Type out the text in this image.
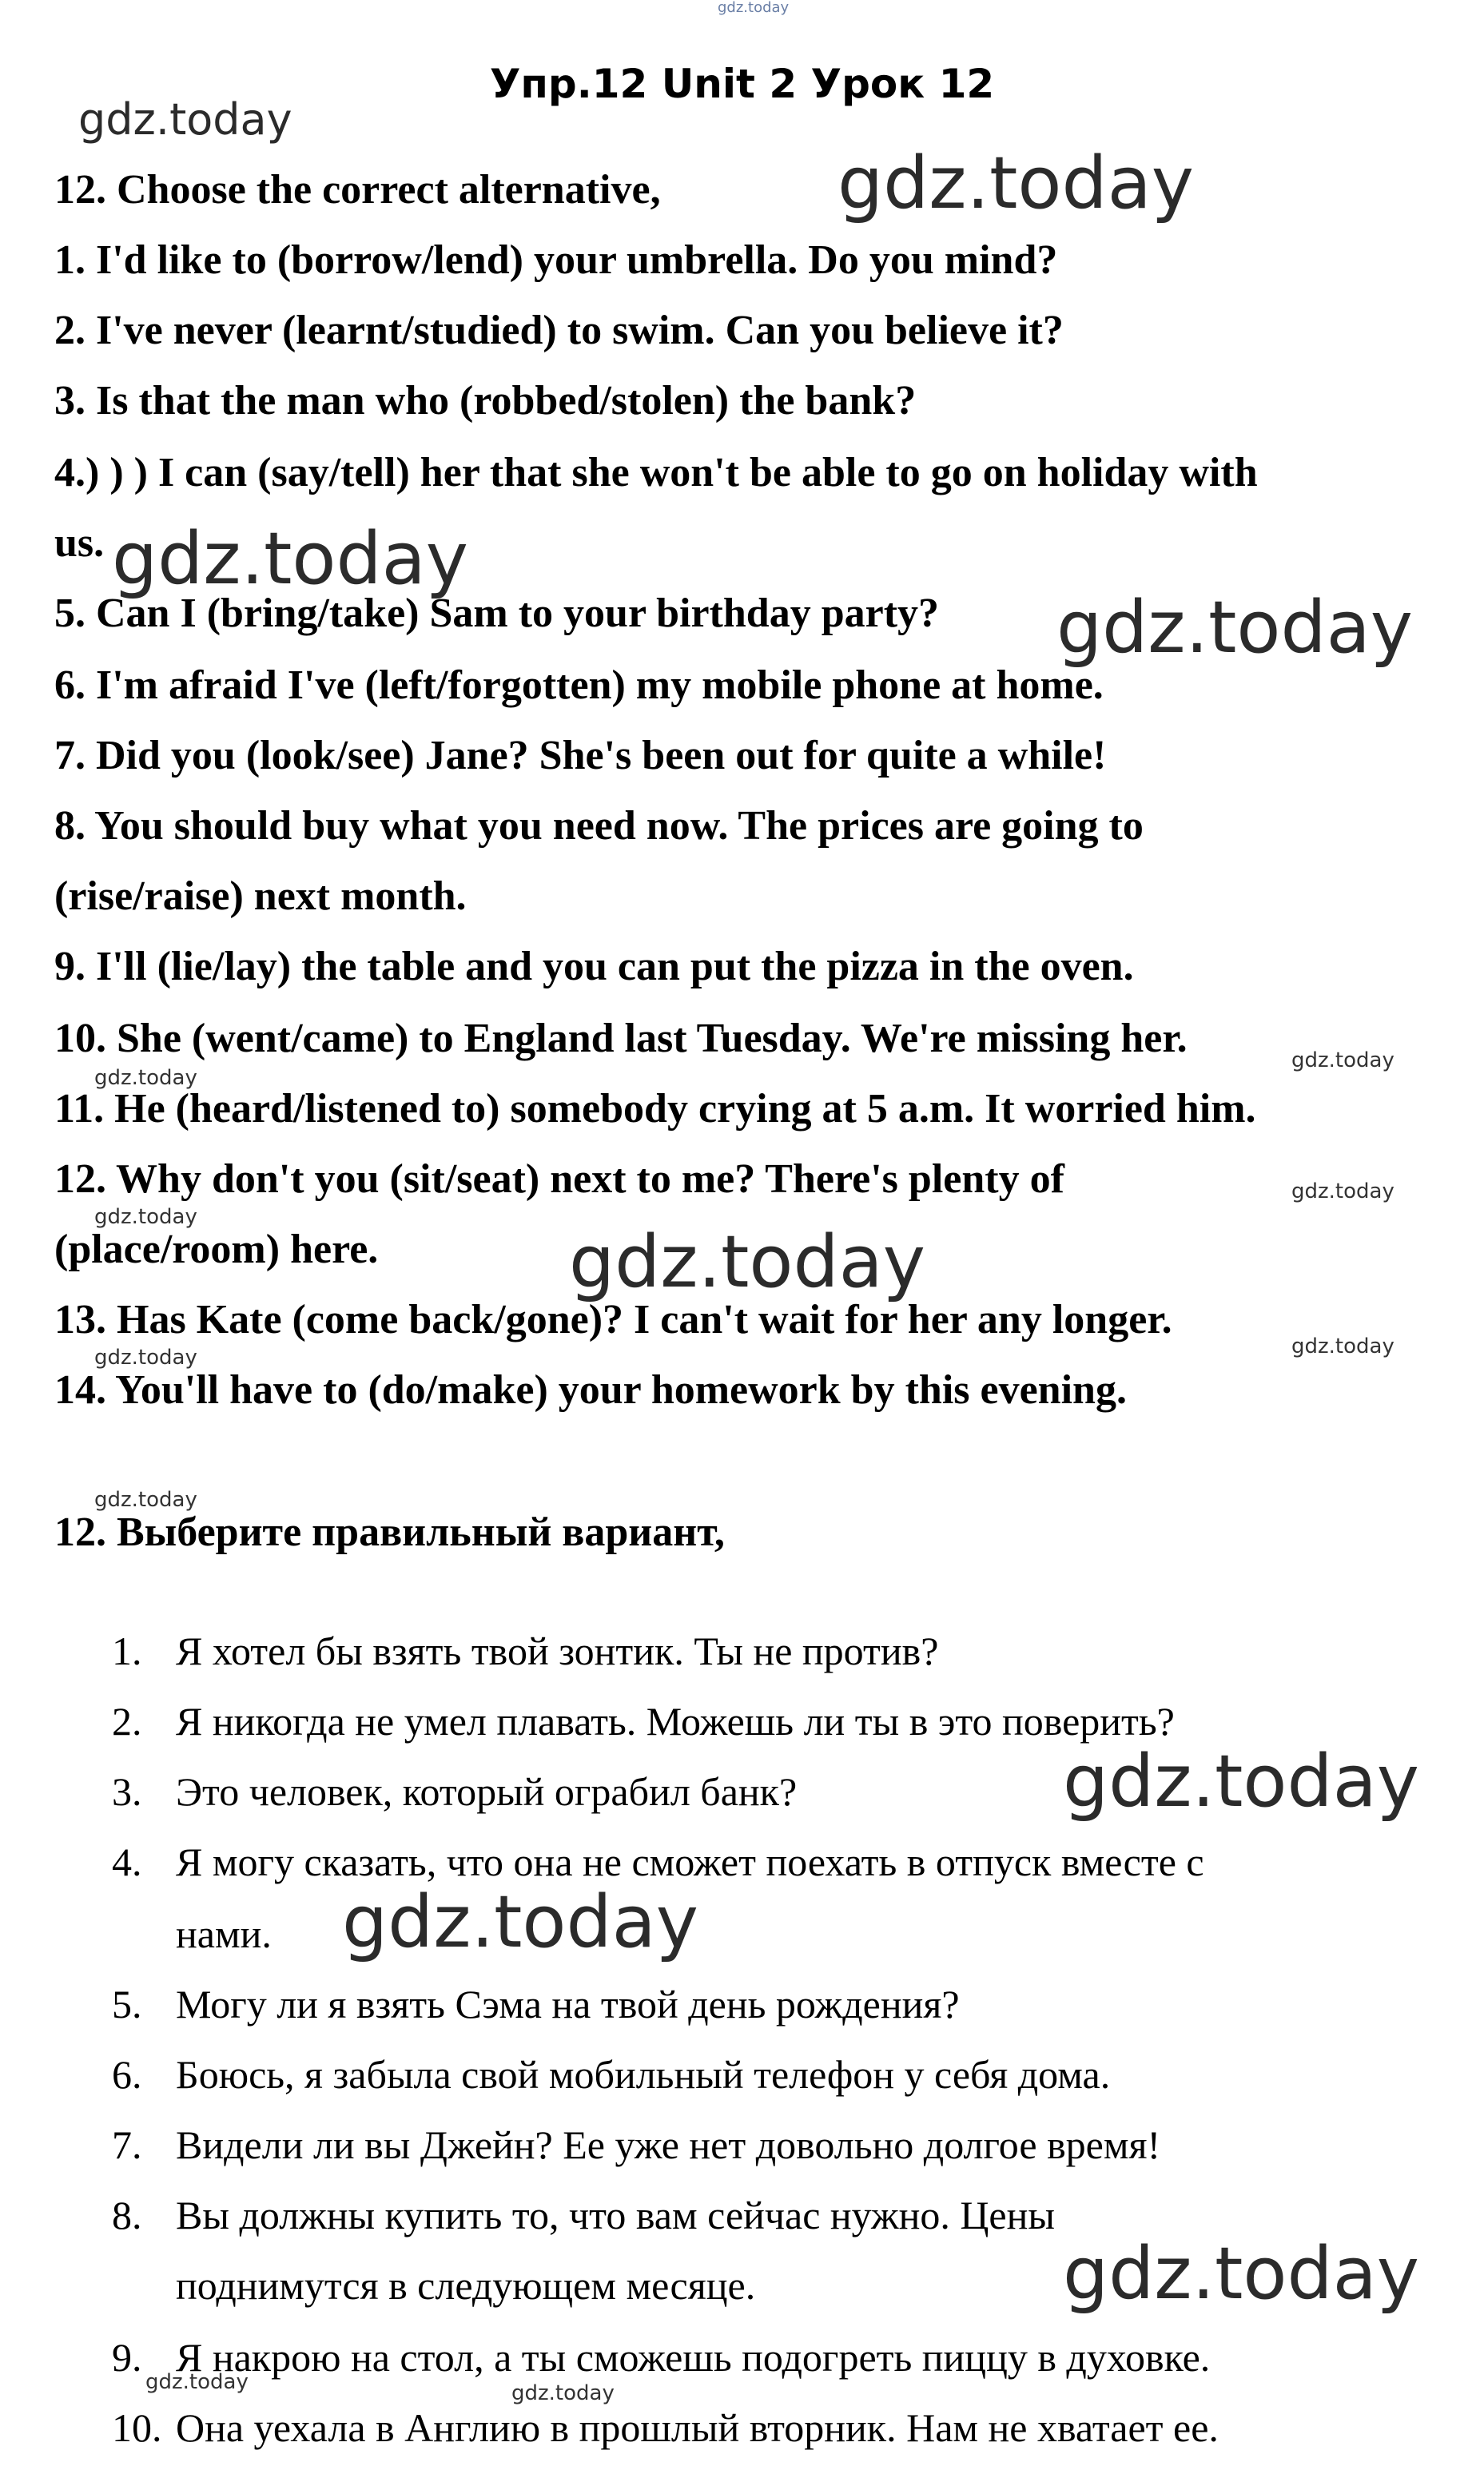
gdz.today
Упр.12 Unit 2 Урок 12
gdz.today
12. Choose the correct alternative,	gdz.today
1. I'd like to (borrow/lend) your umbrella. Do you mind?
2. I've never (learnt/studied) to swim. Can you believe it?
3. Is that the man who (robbed/stolen) the bank?
4.) ) ) I can (say/tell) her that she won't be able to go on holiday with
us. gdz.today
5. Can I (bring/take) Sam to your birthday party?	gdz.today
6. I'm afraid I've (left/forgotten) my mobile phone at home.
7. Did you (look/see) Jane? She's been out for quite a while!
8. You should buy what you need now. The prices are going to
(rise/raise) next month.
9. I'll (lie/lay) the table and you can put the pizza in the oven.
10. She (went/came) to England last Tuesday. We're missing her.	gdz.today
gdz.today
11. He (heard/listened to) somebody crying at 5 a.m. It worried him.
12. Why don't you (sit/seat) next to me? There's plenty of	gdz.today
gdz.today
(place/room) here.	gdz.today
13. Has Kate (come back/gone)? I can't wait for her any longer.
gdz.today
gdz.today
14. You'll have to (do/make) your homework by this evening.
gdz.today
12. Выберите правильный вариант,
1. Я хотел бы взять твой зонтик. Ты не против?
2. Я никогда не умел плавать. Можешь ли ты в это поверить?
3. Это человек, который ограбил банк?	gdz.today
4. Я могу сказать, что она не сможет поехать в отпуск вместе с
нами. gdz.today
5. Могу ли я взять Сэма на твой день рождения?
6. Боюсь, я забыла свой мобильный телефон у себя дома.
7. Видели ли вы Джейн? Ее уже нет довольно долгое время!
8. Вы должны купить то, что вам сейчас нужно. Цены
поднимутся в следующем месяце.	gdz.today
9. Я накрою на стол, а ты сможешь подогреть пиццу в духовке.
gdz.today	gdz.today
10. Она уехала в Англию в прошлый вторник. Нам не хватает ее.
